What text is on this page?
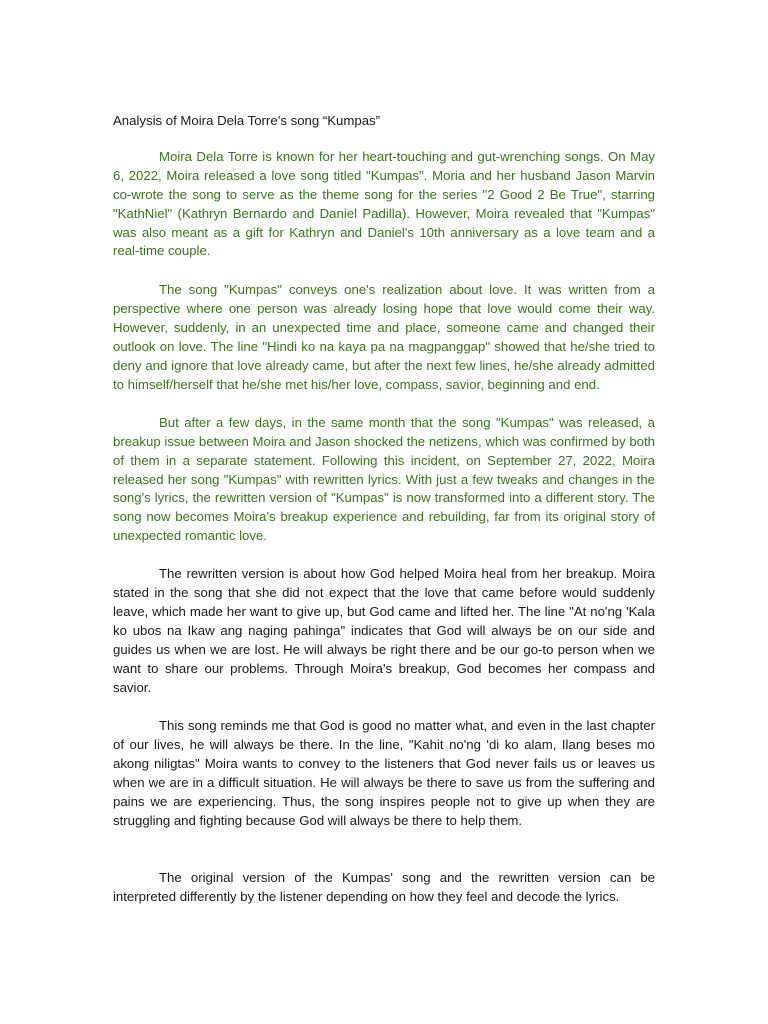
Analysis of Moira Dela Torre’s song “Kumpas”

Moira Dela Torre is known for her heart-touching and gut-wrenching songs. On May 6, 2022, Moira released a love song titled "Kumpas". Moria and her husband Jason Marvin co-wrote the song to serve as the theme song for the series "2 Good 2 Be True", starring "KathNiel" (Kathryn Bernardo and Daniel Padilla). However, Moira revealed that "Kumpas" was also meant as a gift for Kathryn and Daniel's 10th anniversary as a love team and a real-time couple.

The song "Kumpas" conveys one's realization about love. It was written from a perspective where one person was already losing hope that love would come their way. However, suddenly, in an unexpected time and place, someone came and changed their outlook on love. The line "Hindi ko na kaya pa na magpanggap" showed that he/she tried to deny and ignore that love already came, but after the next few lines, he/she already admitted to himself/herself that he/she met his/her love, compass, savior, beginning and end.

But after a few days, in the same month that the song "Kumpas" was released, a breakup issue between Moira and Jason shocked the netizens, which was confirmed by both of them in a separate statement. Following this incident, on September 27, 2022, Moira released her song "Kumpas" with rewritten lyrics. With just a few tweaks and changes in the song's lyrics, the rewritten version of "Kumpas" is now transformed into a different story. The song now becomes Moira's breakup experience and rebuilding, far from its original story of unexpected romantic love.

The rewritten version is about how God helped Moira heal from her breakup. Moira stated in the song that she did not expect that the love that came before would suddenly leave, which made her want to give up, but God came and lifted her. The line "At no'ng 'Kala ko ubos na Ikaw ang naging pahinga" indicates that God will always be on our side and guides us when we are lost. He will always be right there and be our go-to person when we want to share our problems. Through Moira's breakup, God becomes her compass and savior.

This song reminds me that God is good no matter what, and even in the last chapter of our lives, he will always be there. In the line, "Kahit no'ng 'di ko alam, Ilang beses mo akong niligtas" Moira wants to convey to the listeners that God never fails us or leaves us when we are in a difficult situation. He will always be there to save us from the suffering and pains we are experiencing. Thus, the song inspires people not to give up when they are struggling and fighting because God will always be there to help them.

The original version of the Kumpas' song and the rewritten version can be interpreted differently by the listener depending on how they feel and decode the lyrics.
